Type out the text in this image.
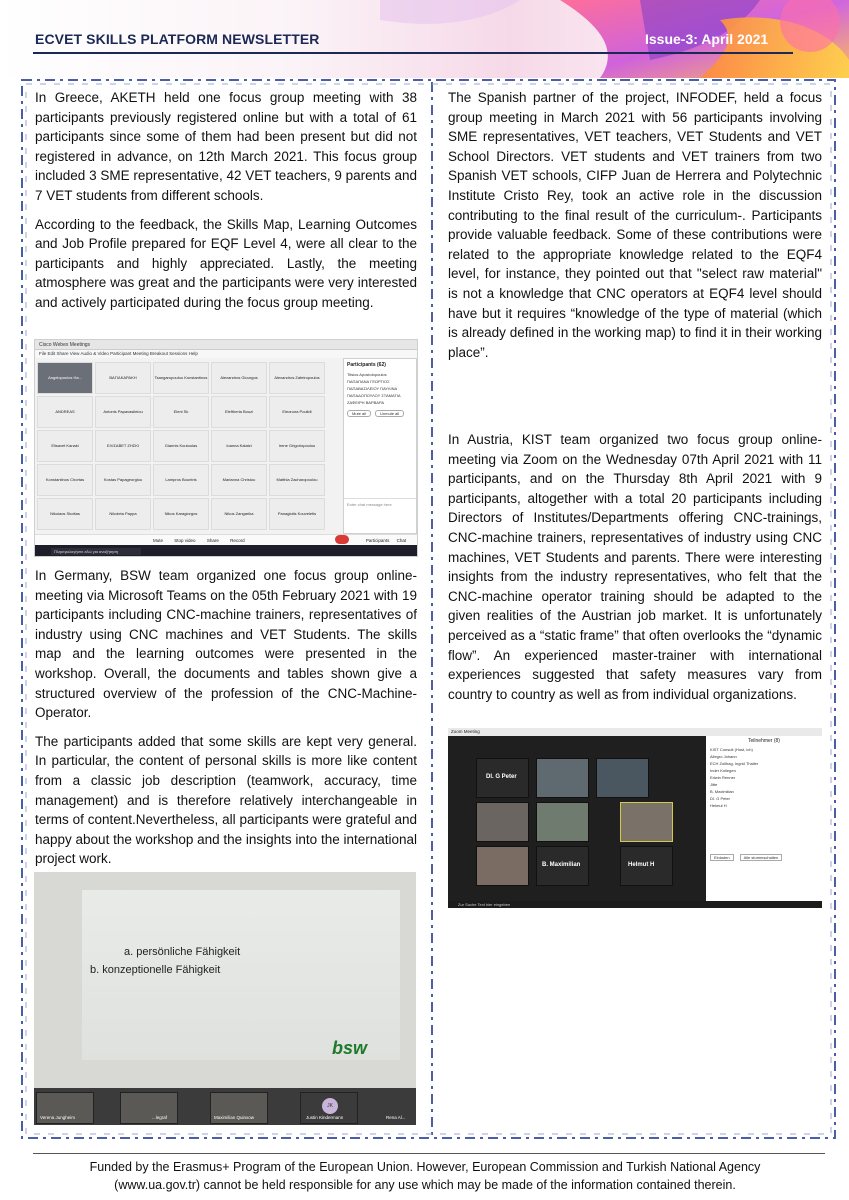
ECVET SKILLS PLATFORM NEWSLETTER	Issue-3: April 2021

In Greece, AKETH held one focus group meeting with 38 participants previously registered online but with a total of 61 participants since some of them had been present but did not registered in advance, on 12th March 2021. This focus group included 3 SME representative, 42 VET teachers, 9 parents and 7 VET students from different schools.

According to the feedback, the Skills Map, Learning Outcomes and Job Profile prepared for EQF Level 4, were all clear to the participants and highly appreciated. Lastly, the meeting atmosphere was great and the participants were very interested and actively participated during the focus group meeting.

Cisco Webex Meetings
File Edit Share View Audio & Video Participant Meeting Breakout Sessions Help
Angelopoulos Ha...	ΒΑΓΙΑΚΑΡΑΚΗ	Tsangaropoulou Konstantinos	Alexandros Giourgos	Alexandros Zafeiropoulos
ANDREAS	Antonis Papavasileiou	Eleni Sk	Eleftheria Bouzi	Eleonora Poulidi
Elisavet Kanaki	ΕΛΙΣΑΒΕΤ ΖΗΣΚΙ	Giannis Koutoulas	Ioanna Kalatzi	Irene Grigoriopoulou
Konstantinos Chortas	Kostas Papageorgiou	Lampros Bountris	Marianna Christou	Matthia Zacharopoulou
Nikolaos Skottas	Nikoleta Pappa	Nikos Karagiorgos	Nikos Zangarika	Panagiotis Kouveletis
Participants (62)
Titsios Apostolopoulos
ΠΑΠΑΠΑΝΑ ΓΕΩΡΓΙΟΣ
ΠΑΠΑΒΑΣΙΛΕΙΟΥ ΠΑΥΛΙΝΑ
ΠΑΠΑΔΟΠΟΥΛΟΥ ΣΤΑΜΑΤΙΑ
ΖΑΦΕΙΡΗ ΒΑΡΒΑΡΑ
Mute all	Unmute all
Enter chat message here
Mute	Stop video	Share	Record	Participants Chat
Πληκτρολογήστε εδώ για αναζήτηση

In Germany, BSW team organized one focus group online-meeting via Microsoft Teams on the 05th February 2021 with 19 participants including CNC-machine trainers, representatives of industry using CNC machines and VET Students. The skills map and the learning outcomes were presented in the workshop. Overall, the documents and tables shown give a structured overview of the profession of the CNC-Machine-Operator.

The participants added that some skills are kept very general. In particular, the content of personal skills is more like content from a classic job description (teamwork, accuracy, time management) and is therefore relatively interchangeable in terms of content.Nevertheless, all participants were grateful and happy about the workshop and the insights into the international project work.

a. persönliche Fähigkeit
b. konzeptionelle Fähigkeit
bsw
JK
Verena Jungheim	...legraf	Maximilian Quinxow	Justin Kindermann	Rena Al...

The Spanish partner of the project, INFODEF, held a focus group meeting in March 2021 with 56 participants involving SME representatives, VET teachers, VET Students and VET School Directors. VET students and VET trainers from two Spanish VET schools, CIFP Juan de Herrera and Polytechnic Institute Cristo Rey, took an active role in the discussion contributing to the final result of the curriculum-. Participants provide valuable feedback. Some of these contributions were related to the appropriate knowledge related to the EQF4 level, for instance, they pointed out that "select raw material" is not a knowledge that CNC operators at EQF4 level should have but it requires “knowledge of the type of material (which is already defined in the working map) to find it in their working place”.

In Austria, KIST team organized two focus group online-meeting via Zoom on the Wednesday 07th April 2021 with 11 participants, and on the Thursday 8th April 2021 with 9 participants, altogether with a total 20 participants including Directors of Institutes/Departments offering CNC-trainings, CNC-machine trainers, representatives of industry using CNC machines, VET Students and parents. There were interesting insights from the industry representatives, who felt that the CNC-machine operator training should be adapted to the given realities of the Austrian job market. It is unfortunately perceived as a “static frame” that often overlooks the “dynamic flow”. An experienced master-trainer with international experiences suggested that safety measures vary from country to country as well as from individual organizations.

Zoom Meeting
DI. G Peter
B. Maximilian	Helmut H
Teilnehmer (8)
KIST Consult (Host, ich)
Allegro Johann
ECH Zollhag, Ingrid Thaller
Inder Kollegen
Edwin Renner
Jitte
B. Maximilian
DI. G Peter
Helmut H
Einladen	Alle stummschalten
Zur Suche Text hier eingeben
Funded by the Erasmus+ Program of the European Union. However, European Commission and Turkish National Agency
(www.ua.gov.tr) cannot be held responsible for any use which may be made of the information contained therein.
